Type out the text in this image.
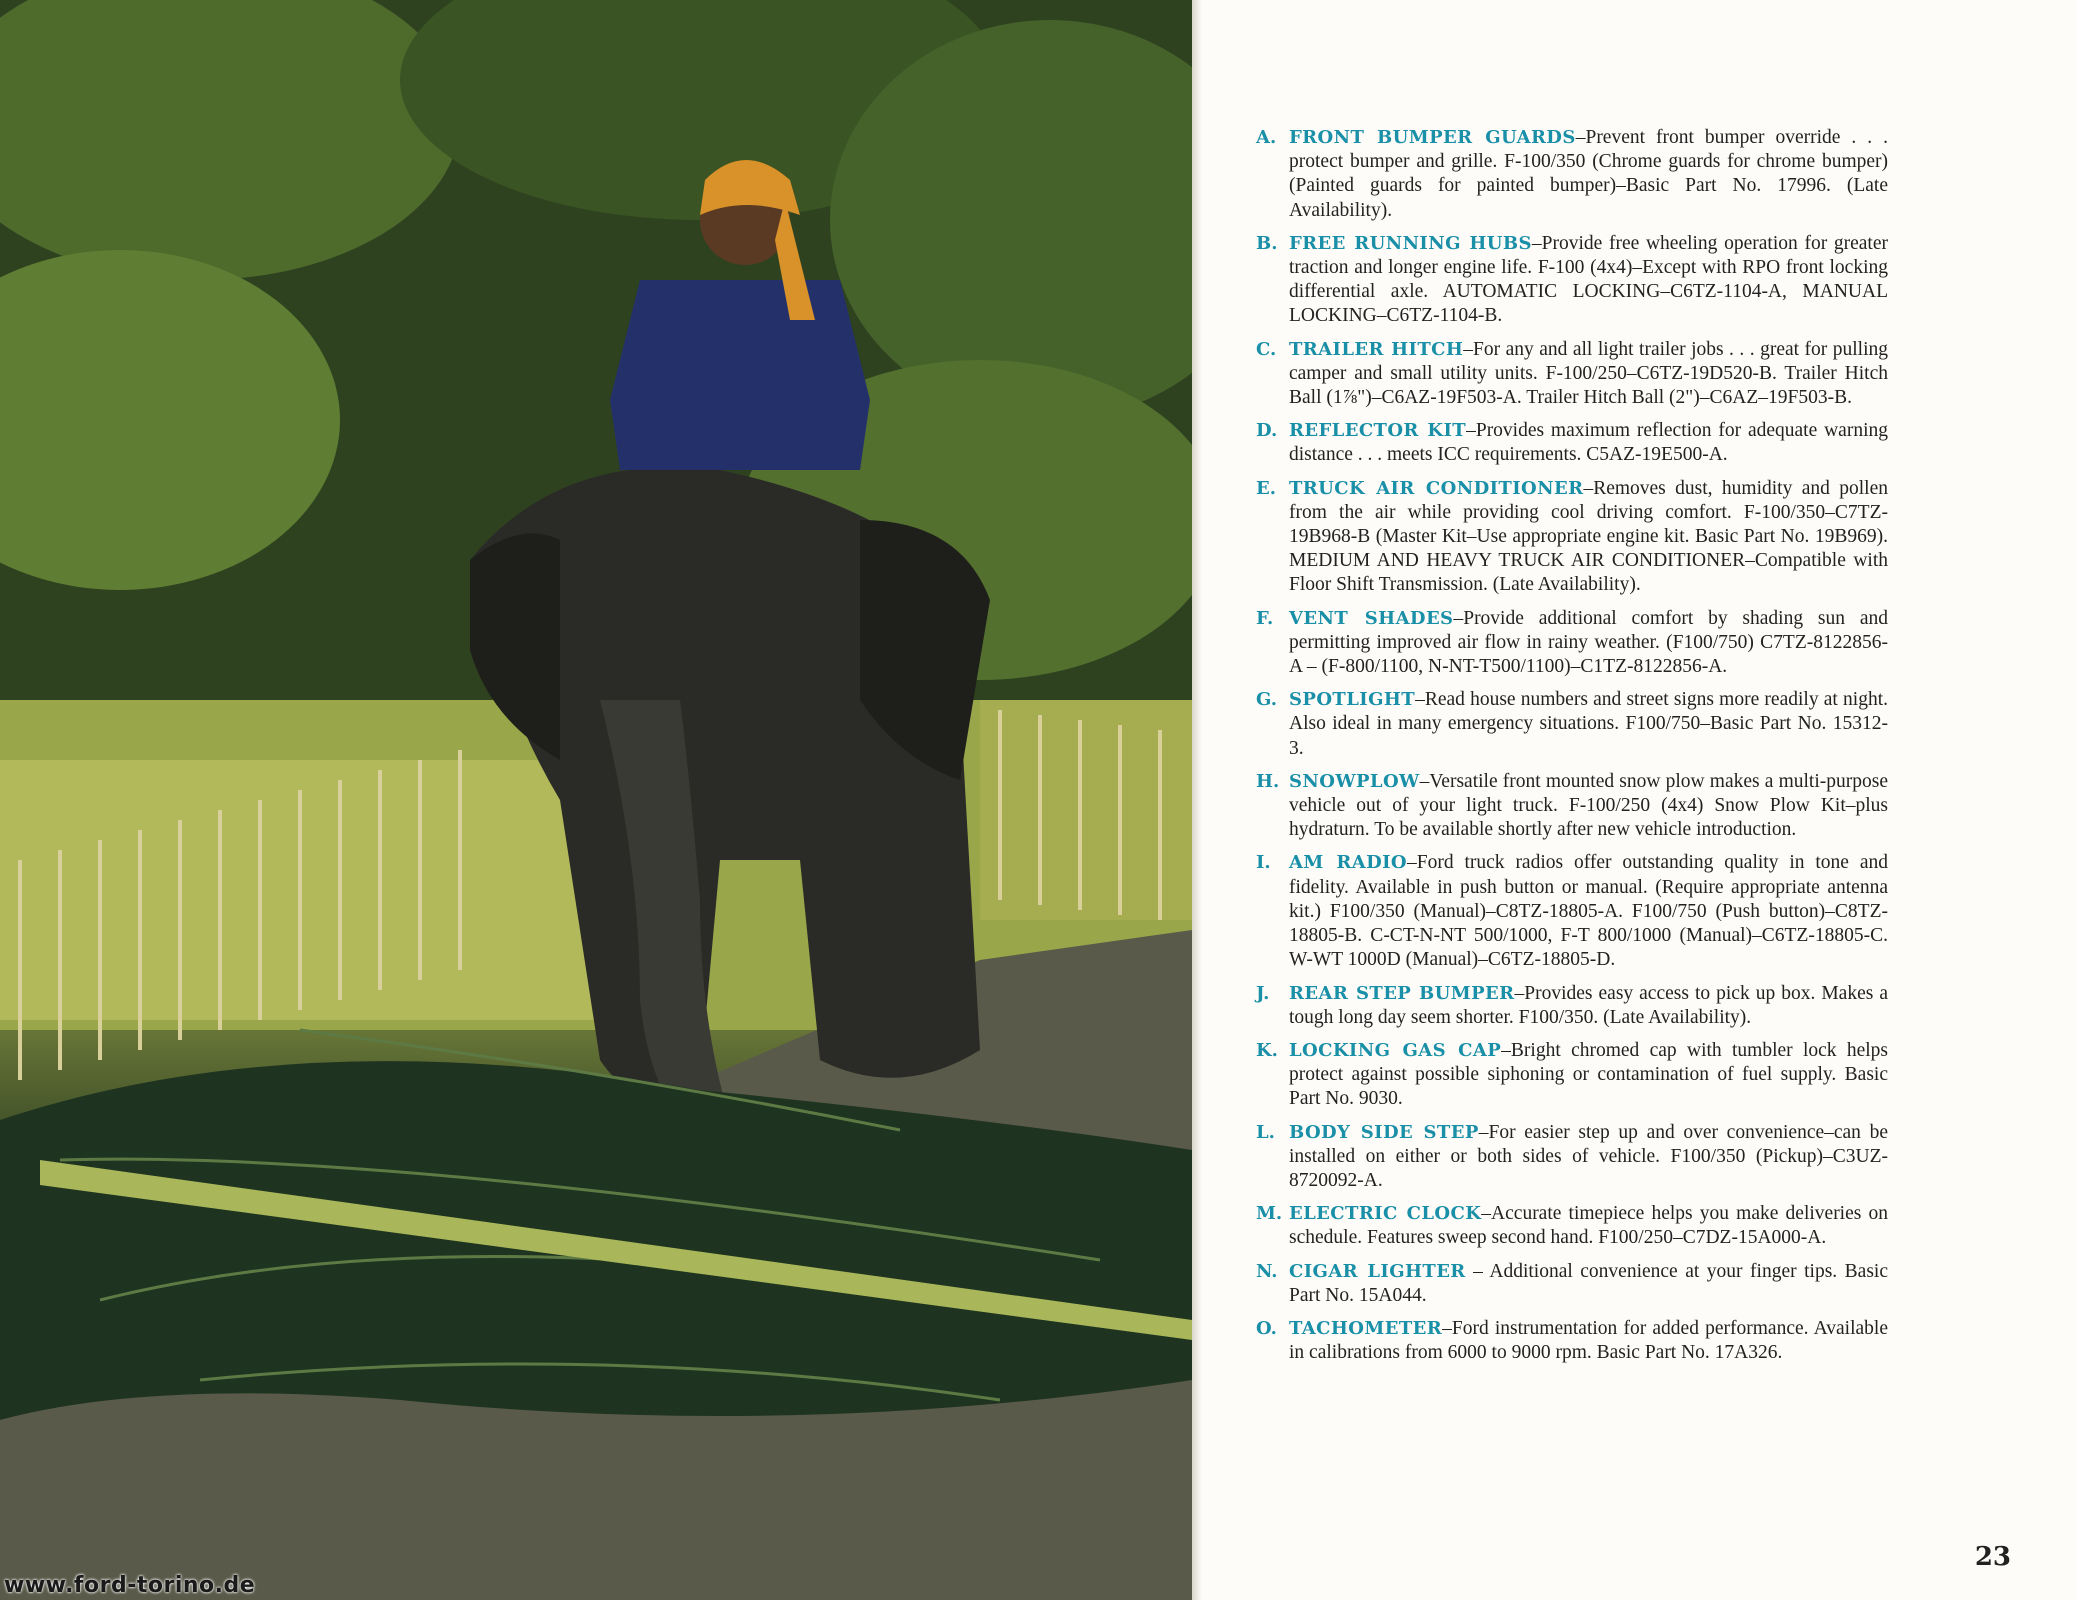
www.ford-torino.de
A. FRONT BUMPER GUARDS–Prevent front bumper override . . . protect bumper and grille. F-100/350 (Chrome guards for chrome bumper) (Painted guards for painted bumper)–Basic Part No. 17996. (Late Availability).
B. FREE RUNNING HUBS–Provide free wheeling operation for greater traction and longer engine life. F-100 (4x4)–Except with RPO front locking differential axle. AUTOMATIC LOCKING–C6TZ-1104-A, MANUAL LOCKING–C6TZ-1104-B.
C. TRAILER HITCH–For any and all light trailer jobs . . . great for pulling camper and small utility units. F-100/250–C6TZ-19D520-B. Trailer Hitch Ball (1⅞")–C6AZ-19F503-A. Trailer Hitch Ball (2")–C6AZ–19F503-B.
D. REFLECTOR KIT–Provides maximum reflection for adequate warning distance . . . meets ICC requirements. C5AZ-19E500-A.
E. TRUCK AIR CONDITIONER–Removes dust, humidity and pollen from the air while providing cool driving comfort. F-100/350–C7TZ-19B968-B (Master Kit–Use appropriate engine kit. Basic Part No. 19B969). MEDIUM AND HEAVY TRUCK AIR CONDITIONER–Compatible with Floor Shift Transmission. (Late Availability).
F. VENT SHADES–Provide additional comfort by shading sun and permitting improved air flow in rainy weather. (F100/750) C7TZ-8122856-A – (F-800/1100, N-NT-T500/1100)–C1TZ-8122856-A.
G. SPOTLIGHT–Read house numbers and street signs more readily at night. Also ideal in many emergency situations. F100/750–Basic Part No. 15312-3.
H. SNOWPLOW–Versatile front mounted snow plow makes a multi-purpose vehicle out of your light truck. F-100/250 (4x4) Snow Plow Kit–plus hydraturn. To be available shortly after new vehicle introduction.
I.	AM RADIO–Ford truck radios offer outstanding quality in tone and fidelity. Available in push button or manual. (Require appropriate antenna kit.) F100/350 (Manual)–C8TZ-18805-A. F100/750 (Push button)–C8TZ-18805-B. C-CT-N-NT 500/1000, F-T 800/1000 (Manual)–C6TZ-18805-C. W-WT 1000D (Manual)–C6TZ-18805-D.
J.	REAR STEP BUMPER–Provides easy access to pick up box. Makes a tough long day seem shorter. F100/350. (Late Availability).
K. LOCKING GAS CAP–Bright chromed cap with tumbler lock helps protect against possible siphoning or contamination of fuel supply. Basic Part No. 9030.
L. BODY SIDE STEP–For easier step up and over convenience–can be installed on either or both sides of vehicle. F100/350 (Pickup)–C3UZ-8720092-A.
M. ELECTRIC CLOCK–Accurate timepiece helps you make deliveries on schedule. Features sweep second hand. F100/250–C7DZ-15A000-A.
N. CIGAR LIGHTER – Additional convenience at your finger tips. Basic Part No. 15A044.
O. TACHOMETER–Ford instrumentation for added performance. Available in calibrations from 6000 to 9000 rpm. Basic Part No. 17A326.
23
